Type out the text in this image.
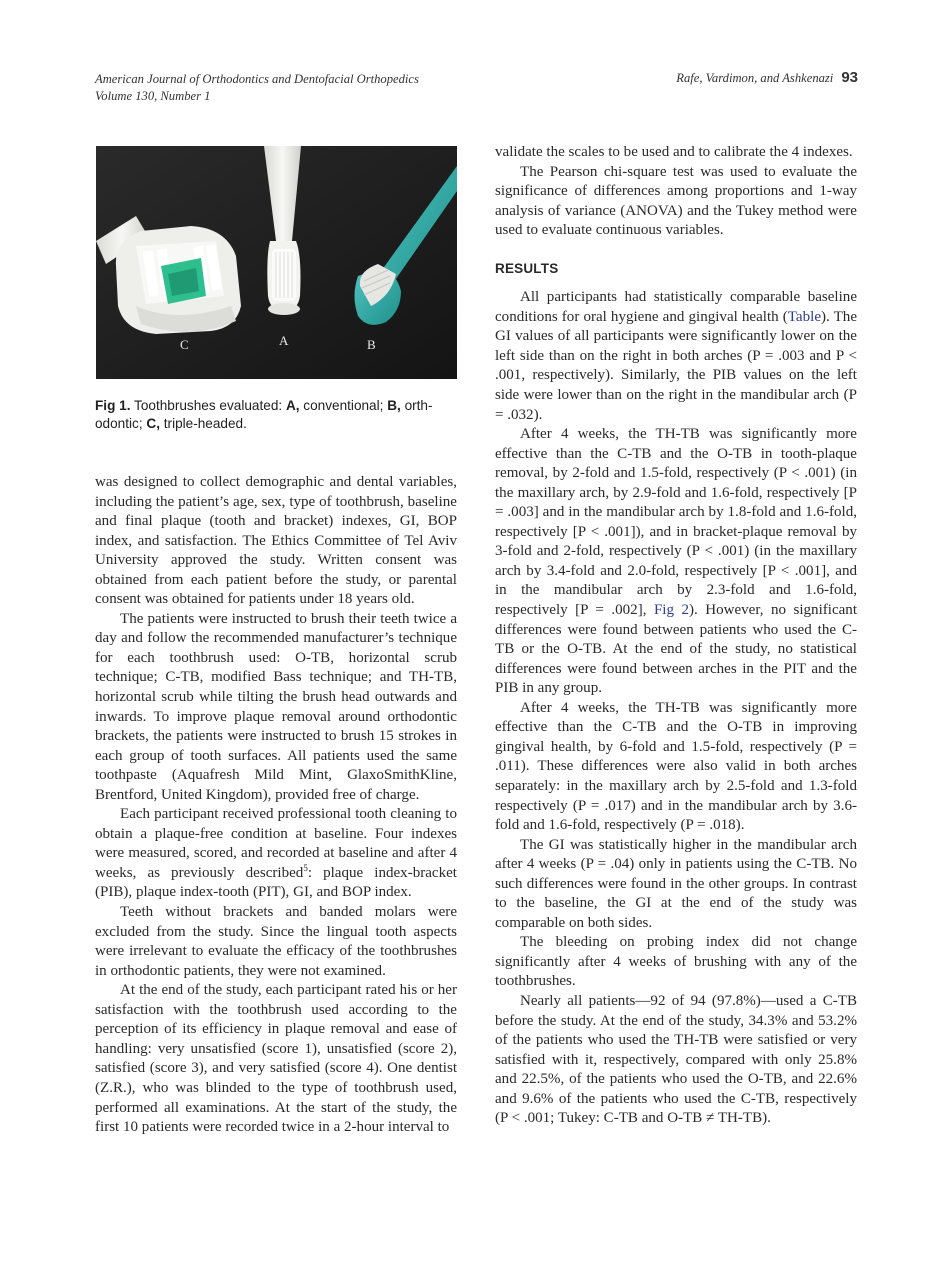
American Journal of Orthodontics and Dentofacial Orthopedics
Volume 130, Number 1
Rafe, Vardimon, and Ashkenazi 93
C	A	B
Fig 1. Toothbrushes evaluated: A, conventional; B, orth-odontic; C, triple-headed.

was designed to collect demographic and dental variables, including the patient’s age, sex, type of toothbrush, baseline and final plaque (tooth and bracket) indexes, GI, BOP index, and satisfaction. The Ethics Committee of Tel Aviv University approved the study. Written consent was obtained from each patient before the study, or parental consent was obtained for patients under 18 years old.

The patients were instructed to brush their teeth twice a day and follow the recommended manufacturer’s technique for each toothbrush used: O-TB, horizontal scrub technique; C-TB, modified Bass technique; and TH-TB, horizontal scrub while tilting the brush head outwards and inwards. To improve plaque removal around orthodontic brackets, the patients were instructed to brush 15 strokes in each group of tooth surfaces. All patients used the same toothpaste (Aquafresh Mild Mint, GlaxoSmithKline, Brentford, United Kingdom), provided free of charge.

Each participant received professional tooth cleaning to obtain a plaque-free condition at baseline. Four indexes were measured, scored, and recorded at baseline and after 4 weeks, as previously described$^5$: plaque index-bracket (PIB), plaque index-tooth (PIT), GI, and BOP index.

Teeth without brackets and banded molars were excluded from the study. Since the lingual tooth aspects were irrelevant to evaluate the efficacy of the toothbrushes in orthodontic patients, they were not examined.

At the end of the study, each participant rated his or her satisfaction with the toothbrush used according to the perception of its efficiency in plaque removal and ease of handling: very unsatisfied (score 1), unsatisfied (score 2), satisfied (score 3), and very satisfied (score 4). One dentist (Z.R.), who was blinded to the type of toothbrush used, performed all examinations. At the start of the study, the first 10 patients were recorded twice in a 2-hour interval to

validate the scales to be used and to calibrate the 4 indexes.

The Pearson chi-square test was used to evaluate the significance of differences among proportions and 1-way analysis of variance (ANOVA) and the Tukey method were used to evaluate continuous variables.

RESULTS

All participants had statistically comparable baseline conditions for oral hygiene and gingival health (Table). The GI values of all participants were significantly lower on the left side than on the right in both arches (P = .003 and P < .001, respectively). Similarly, the PIB values on the left side were lower than on the right in the mandibular arch (P = .032).

After 4 weeks, the TH-TB was significantly more effective than the C-TB and the O-TB in tooth-plaque removal, by 2-fold and 1.5-fold, respectively (P < .001) (in the maxillary arch, by 2.9-fold and 1.6-fold, respectively [P = .003] and in the mandibular arch by 1.8-fold and 1.6-fold, respectively [P < .001]), and in bracket-plaque removal by 3-fold and 2-fold, respectively (P < .001) (in the maxillary arch by 3.4-fold and 2.0-fold, respectively [P < .001], and in the mandibular arch by 2.3-fold and 1.6-fold, respectively [P = .002], Fig 2). However, no significant differences were found between patients who used the C-TB or the O-TB. At the end of the study, no statistical differences were found between arches in the PIT and the PIB in any group.

After 4 weeks, the TH-TB was significantly more effective than the C-TB and the O-TB in improving gingival health, by 6-fold and 1.5-fold, respectively (P = .011). These differences were also valid in both arches separately: in the maxillary arch by 2.5-fold and 1.3-fold respectively (P = .017) and in the mandibular arch by 3.6-fold and 1.6-fold, respectively (P = .018).

The GI was statistically higher in the mandibular arch after 4 weeks (P = .04) only in patients using the C-TB. No such differences were found in the other groups. In contrast to the baseline, the GI at the end of the study was comparable on both sides.

The bleeding on probing index did not change significantly after 4 weeks of brushing with any of the toothbrushes.

Nearly all patients—92 of 94 (97.8%)—used a C-TB before the study. At the end of the study, 34.3% and 53.2% of the patients who used the TH-TB were satisfied or very satisfied with it, respectively, compared with only 25.8% and 22.5%, of the patients who used the O-TB, and 22.6% and 9.6% of the patients who used the C-TB, respectively (P < .001; Tukey: C-TB and O-TB ≠ TH-TB).
